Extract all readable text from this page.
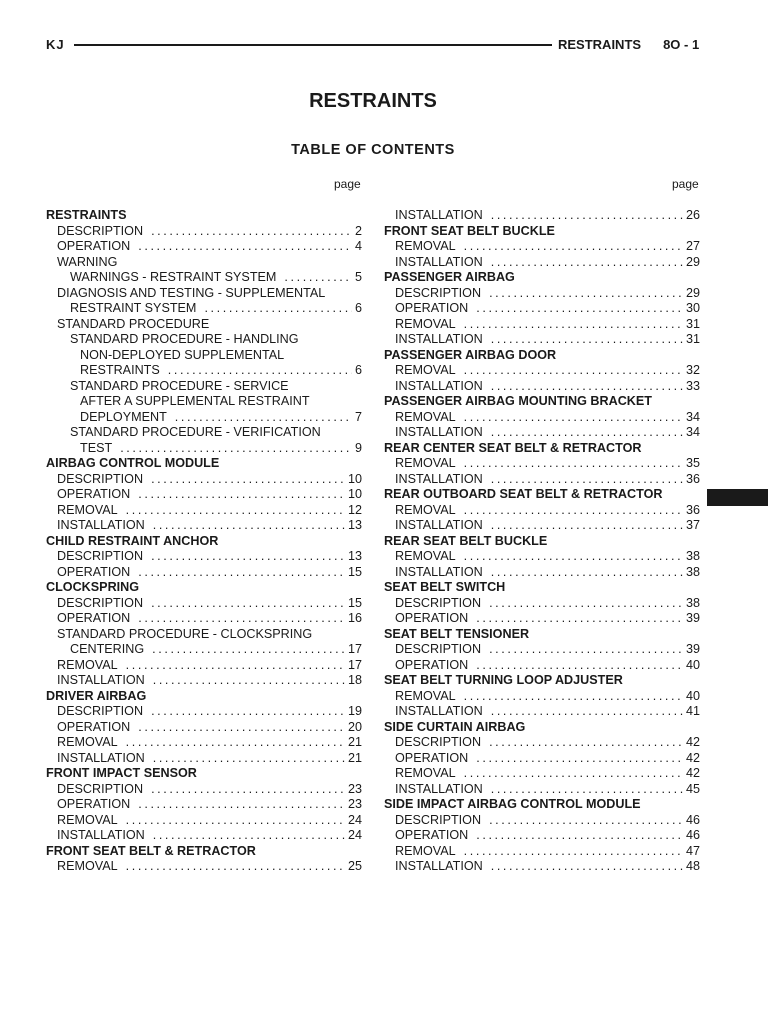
KJ	RESTRAINTS 8O - 1
RESTRAINTS
TABLE OF CONTENTS
page	page
RESTRAINTS
DESCRIPTION .....	2
OPERATION .....	4
WARNING
WARNINGS - RESTRAINT SYSTEM .....	5
DIAGNOSIS AND TESTING - SUPPLEMENTAL
RESTRAINT SYSTEM .....	6
STANDARD PROCEDURE
STANDARD PROCEDURE - HANDLING
NON-DEPLOYED SUPPLEMENTAL
RESTRAINTS .....	6
STANDARD PROCEDURE - SERVICE
AFTER A SUPPLEMENTAL RESTRAINT
DEPLOYMENT .....	7
STANDARD PROCEDURE - VERIFICATION
TEST .....	9
AIRBAG CONTROL MODULE
DESCRIPTION .....	10
OPERATION .....	10
REMOVAL .....	12
INSTALLATION .....	13
CHILD RESTRAINT ANCHOR
DESCRIPTION .....	13
OPERATION .....	15
CLOCKSPRING
DESCRIPTION .....	15
OPERATION .....	16
STANDARD PROCEDURE - CLOCKSPRING
CENTERING .....	17
REMOVAL .....	17
INSTALLATION .....	18
DRIVER AIRBAG
DESCRIPTION .....	19
OPERATION .....	20
REMOVAL .....	21
INSTALLATION .....	21
FRONT IMPACT SENSOR
DESCRIPTION .....	23
OPERATION .....	23
REMOVAL .....	24
INSTALLATION .....	24
FRONT SEAT BELT & RETRACTOR
REMOVAL .....	25
INSTALLATION .....	26
FRONT SEAT BELT BUCKLE
REMOVAL .....	27
INSTALLATION .....	29
PASSENGER AIRBAG
DESCRIPTION .....	29
OPERATION .....	30
REMOVAL .....	31
INSTALLATION .....	31
PASSENGER AIRBAG DOOR
REMOVAL .....	32
INSTALLATION .....	33
PASSENGER AIRBAG MOUNTING BRACKET
REMOVAL .....	34
INSTALLATION .....	34
REAR CENTER SEAT BELT & RETRACTOR
REMOVAL .....	35
INSTALLATION .....	36
REAR OUTBOARD SEAT BELT & RETRACTOR
REMOVAL .....	36
INSTALLATION .....	37
REAR SEAT BELT BUCKLE
REMOVAL .....	38
INSTALLATION .....	38
SEAT BELT SWITCH
DESCRIPTION .....	38
OPERATION .....	39
SEAT BELT TENSIONER
DESCRIPTION .....	39
OPERATION .....	40
SEAT BELT TURNING LOOP ADJUSTER
REMOVAL .....	40
INSTALLATION .....	41
SIDE CURTAIN AIRBAG
DESCRIPTION .....	42
OPERATION .....	42
REMOVAL .....	42
INSTALLATION .....	45
SIDE IMPACT AIRBAG CONTROL MODULE
DESCRIPTION .....	46
OPERATION .....	46
REMOVAL .....	47
INSTALLATION .....	48
